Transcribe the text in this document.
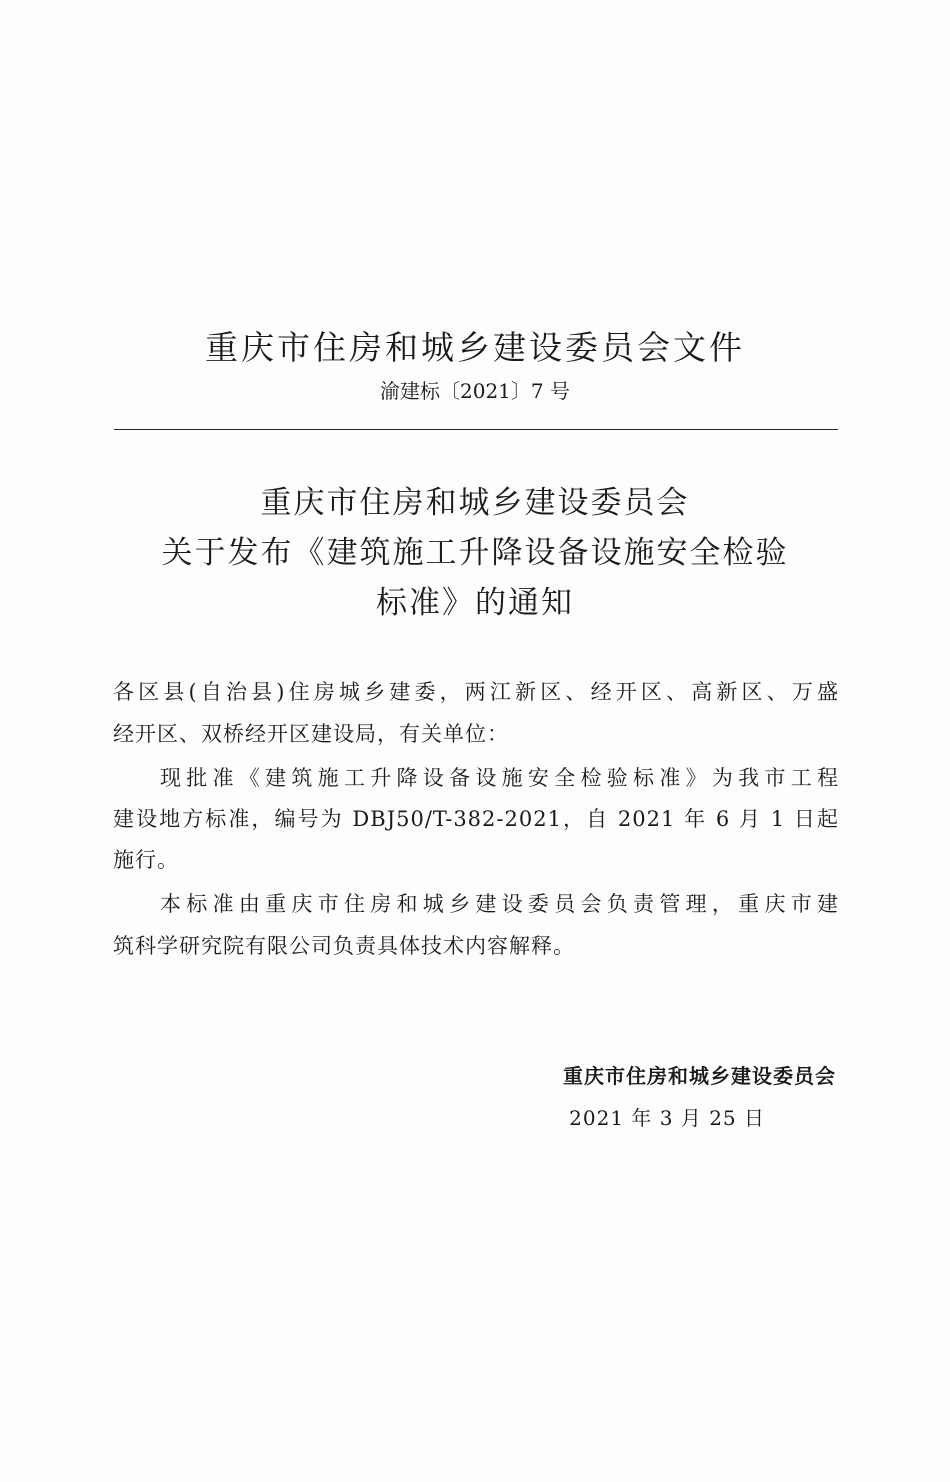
重庆市住房和城乡建设委员会文件
渝建标〔2021〕7 号
重庆市住房和城乡建设委员会
关于发布《建筑施工升降设备设施安全检验
标准》的通知
各区县(自治县)住房城乡建委，两江新区、经开区、高新区、万盛
经开区、双桥经开区建设局，有关单位：
现批准《建筑施工升降设备设施安全检验标准》为我市工程
建设地方标准，编号为 DBJ50/T-382-2021，自 2021 年 6 月 1 日起
施行。
本标准由重庆市住房和城乡建设委员会负责管理，重庆市建
筑科学研究院有限公司负责具体技术内容解释。
重庆市住房和城乡建设委员会
2021 年 3 月 25 日
